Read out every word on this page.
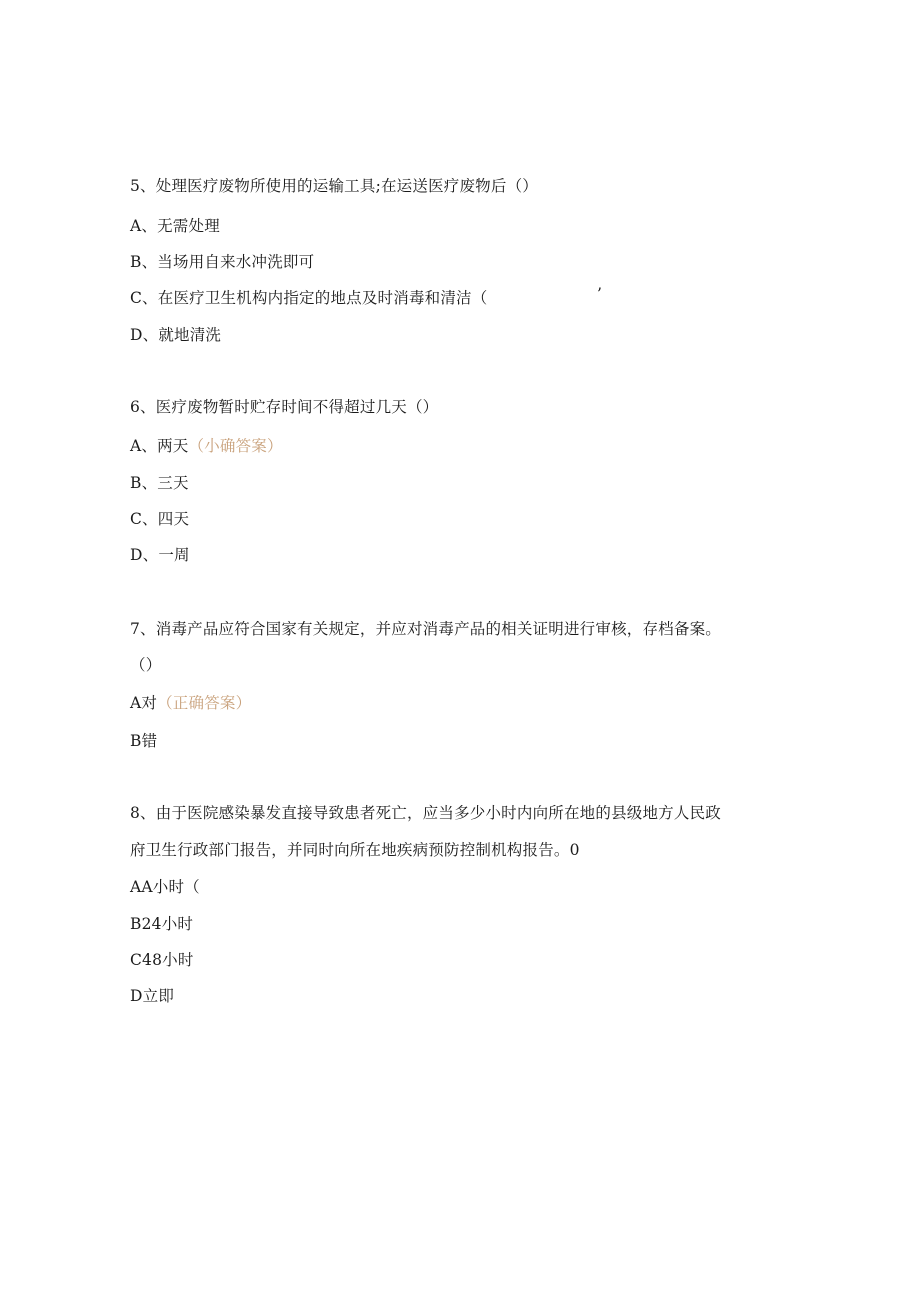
5、处理医疗废物所使用的运输工具;在运送医疗废物后（）
A、无需处理
B、当场用自来水冲洗即可
C、在医疗卫生机构内指定的地点及时消毒和清洁（	’
D、就地清洗
6、医疗废物暂时贮存时间不得超过几天（）
A、两天（小确答案）
B、三天
C、四天
D、一周
7、消毒产品应符合国家有关规定，并应对消毒产品的相关证明进行审核，存档备案。
（）
A对（正确答案）
B错
8、由于医院感染暴发直接导致患者死亡，应当多少小时内向所在地的县级地方人民政
府卫生行政部门报告，并同时向所在地疾病预防控制机构报告。0
AA小时（
B24小时
C48小时
D立即
